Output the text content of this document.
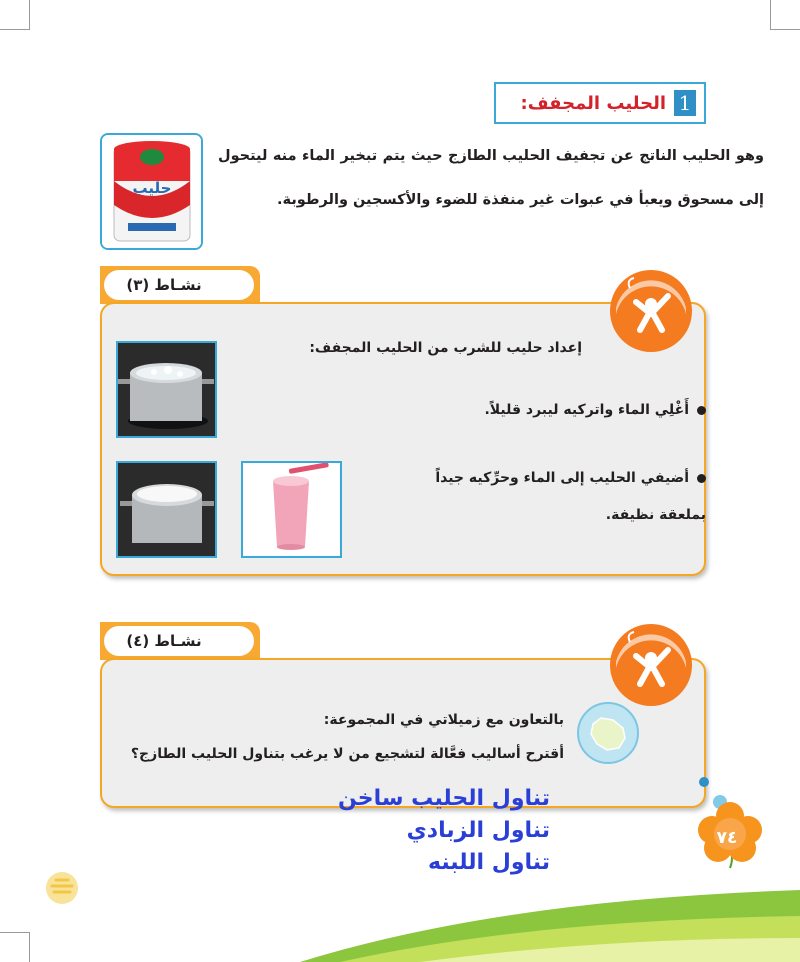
1
الحليب المجفف:

وهو الحليب الناتج عن تجفيف الحليب الطازج حيث يتم تبخير الماء منه ليتحول إلى مسحوق ويعبأ في عبوات غير منفذة للضوء والأكسجين والرطوبة.

حليب
نشـاط (٣)
إعداد حليب للشرب من الحليب المجفف:
أَغْلِي الماء واتركيه ليبرد قليلاً.
أضيفي الحليب إلى الماء وحرِّكيه جيداً
بملعقة نظيفة.
نشـاط (٤)
بالتعاون مع زميلاتي في المجموعة:
أقترح أساليب فعَّالة لتشجيع من لا يرغب بتناول الحليب الطازج؟
تناول الحليب ساخن
تناول الزبادي
تناول اللبنه
٧٤
